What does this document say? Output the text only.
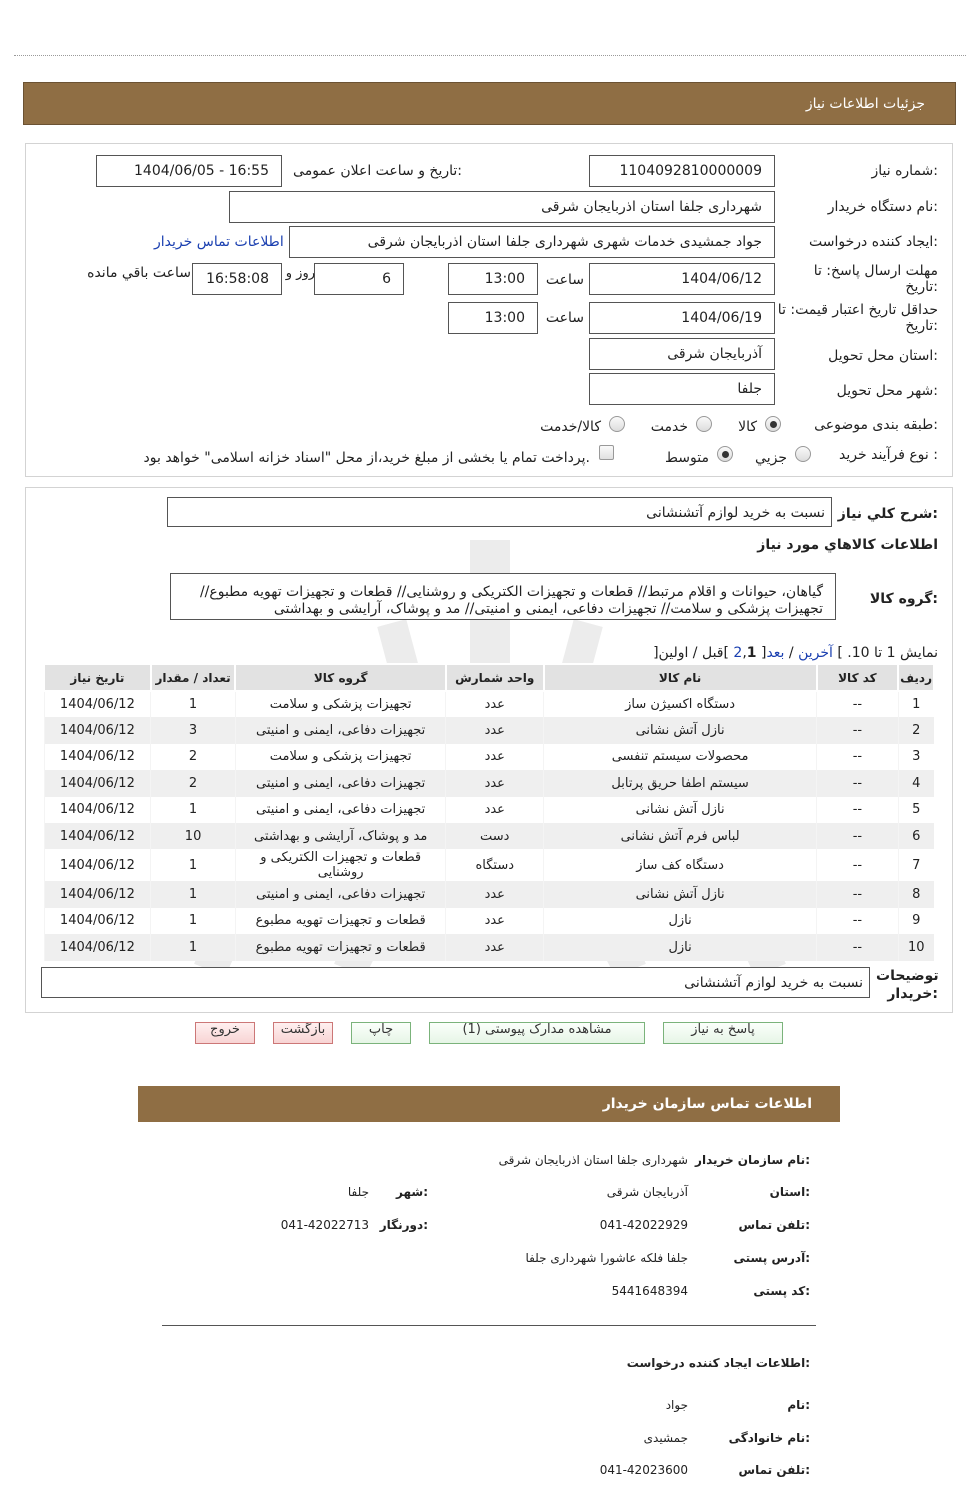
جزئیات اطلاعات نیاز
شماره نیاز:
1104092810000009
تاریخ و ساعت اعلان عمومی:
1404/06/05 - 16:55
نام دستگاه خریدار:
شهرداری جلفا استان اذربایجان شرقی
ایجاد کننده درخواست:
جواد جمشیدی خدمات شهری شهرداری جلفا استان اذربایجان شرقی
اطلاعات تماس خریدار
مهلت ارسال پاسخ: تا تاریخ:
1404/06/12
ساعت
13:00
6
روز و
16:58:08
ساعت باقي مانده
حداقل تاریخ اعتبار قیمت: تا تاریخ:
1404/06/19
ساعت
13:00
استان محل تحویل:
آذربایجان شرقی
شهر محل تحویل:
جلفا
طبقه بندی موضوعی:
کالا
خدمت
کالا/خدمت
نوع فرآیند خرید :
جزيي
متوسط
پرداخت تمام یا بخشی از مبلغ خرید،از محل "اسناد خزانه اسلامی" خواهد بود.
شرح كلي نياز:
نسبت به خرید لوازم آتشنشانی
اطلاعات كالاهاي مورد نياز
گروه کالا:
گیاهان، حیوانات و اقلام مرتبط// قطعات و تجهیزات الکتریکی و روشنایی// قطعات و تجهیزات تهویه مطبوع//
تجهیزات پزشکی و سلامت// تجهیزات دفاعی، ایمنی و امنیتی// مد و پوشاک، آرایشی و بهداشتی
نمایش 1 تا 10. ] آخرین / بعد[ 2,1 ]قبل / اولین[
ردیف	کد کالا	نام کالا	واحد شمارش	گروه کالا	تعداد / مقدار	تاریخ نیاز
1	--	دستگاه اکسیژن ساز	عدد	تجهیزات پزشکی و سلامت	1	1404/06/12
2	--	نازل آتش نشانی	عدد	تجهیزات دفاعی، ایمنی و امنیتی	3	1404/06/12
3	--	محصولات سیستم تنفسی	عدد	تجهیزات پزشکی و سلامت	2	1404/06/12
4	--	سیستم اطفا حریق پرتابل	عدد	تجهیزات دفاعی، ایمنی و امنیتی	2	1404/06/12
5	--	نازل آتش نشانی	عدد	تجهیزات دفاعی، ایمنی و امنیتی	1	1404/06/12
6	--	لباس فرم آتش نشانی	دست	مد و پوشاک، آرایشی و بهداشتی	10	1404/06/12
7	--	دستگاه کف ساز	دستگاه	قطعات و تجهیزات الکتریکی و روشنایی	1	1404/06/12
8	--	نازل آتش نشانی	عدد	تجهیزات دفاعی، ایمنی و امنیتی	1	1404/06/12
9	--	نازل	عدد	قطعات و تجهیزات تهویه مطبوع	1	1404/06/12
10	--	نازل	عدد	قطعات و تجهیزات تهویه مطبوع	1	1404/06/12
توضیحات خریدار:
نسبت به خرید لوازم آتشنشانی
پاسخ به نیاز
مشاهده مدارک پیوستی (1)
چاپ
بازگشت
خروج
اطلاعات تماس سازمان خریدار
نام سازمان خریدار:
شهرداری جلفا استان اذربایجان شرقی
استان:
آذربایجان شرقی
شهر:
جلفا
تلفن تماس:
041-42022929
دورنگار:
041-42022713
آدرس پستی:
جلفا فلکه عاشورا شهرداری جلفا
کد پستی:
5441648394
اطلاعات ایجاد کننده درخواست:
نام:
جواد
نام خانوادگی:
جمشیدی
تلفن تماس:
041-42023600
